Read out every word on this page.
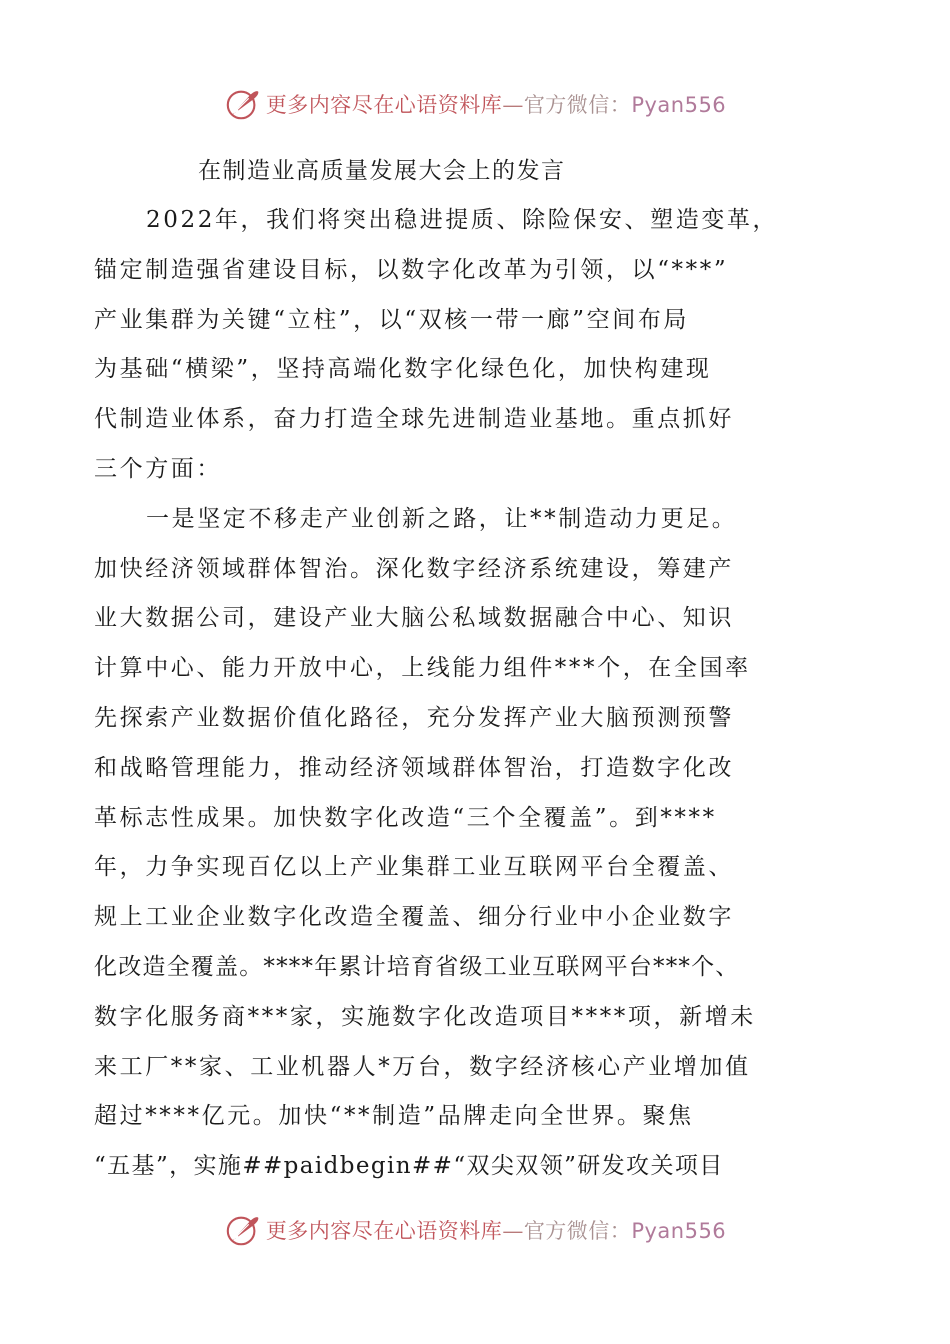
更多内容尽在心语资料库—官方微信：Pyan556
在制造业高质量发展大会上的发言

2022年，我们将突出稳进提质、除险保安、塑造变革，
锚定制造强省建设目标，以数字化改革为引领，以“***”
产业集群为关键“立柱”，以“双核一带一廊”空间布局
为基础“横梁”，坚持高端化数字化绿色化，加快构建现
代制造业体系，奋力打造全球先进制造业基地。重点抓好
三个方面：

一是坚定不移走产业创新之路，让**制造动力更足。
加快经济领域群体智治。深化数字经济系统建设，筹建产
业大数据公司，建设产业大脑公私域数据融合中心、知识
计算中心、能力开放中心，上线能力组件***个，在全国率
先探索产业数据价值化路径，充分发挥产业大脑预测预警
和战略管理能力，推动经济领域群体智治，打造数字化改
革标志性成果。加快数字化改造“三个全覆盖”。到****
年，力争实现百亿以上产业集群工业互联网平台全覆盖、
规上工业企业数字化改造全覆盖、细分行业中小企业数字
化改造全覆盖。****年累计培育省级工业互联网平台***个、
数字化服务商***家，实施数字化改造项目****项，新增未
来工厂**家、工业机器人*万台，数字经济核心产业增加值
超过****亿元。加快“**制造”品牌走向全世界。聚焦
“五基”，实施##paidbegin##“双尖双领”研发攻关项目

更多内容尽在心语资料库—官方微信：Pyan556
